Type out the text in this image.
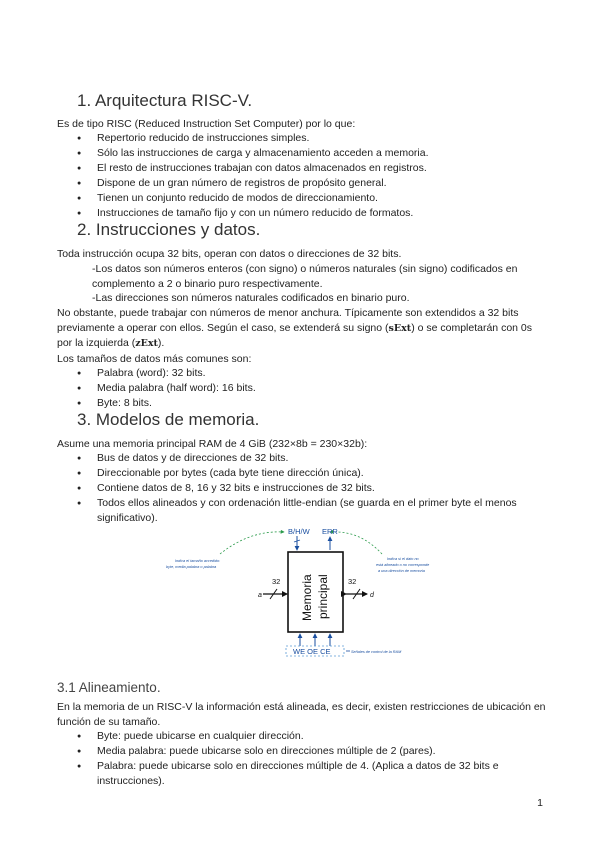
1. Arquitectura RISC-V.

Es de tipo RISC (Reduced Instruction Set Computer) por lo que:

● Repertorio reducido de instrucciones simples.
● Sólo las instrucciones de carga y almacenamiento acceden a memoria.
● El resto de instrucciones trabajan con datos almacenados en registros.
● Dispone de un gran número de registros de propósito general.
● Tienen un conjunto reducido de modos de direccionamiento.
● Instrucciones de tamaño fijo y con un número reducido de formatos.
2. Instrucciones y datos.

Toda instrucción ocupa 32 bits, operan con datos o direcciones de 32 bits.

-Los datos son números enteros (con signo) o números naturales (sin signo) codificados en complemento a 2 o binario puro respectivamente.
-Las direcciones son números naturales codificados en binario puro.

No obstante, puede trabajar con números de menor anchura. Típicamente son extendidos a 32 bits previamente a operar con ellos. Según el caso, se extenderá su signo (sExt) o se completarán con 0s por la izquierda (zExt).

Los tamaños de datos más comunes son:

● Palabra (word): 32 bits.
● Media palabra (half word): 16 bits.
● Byte: 8 bits.
3. Modelos de memoria.

Asume una memoria principal RAM de 4 GiB (232×8b = 230×32b):

● Bus de datos y de direcciones de 32 bits.
● Direccionable por bytes (cada byte tiene dirección única).
● Contiene datos de 8, 16 y 32 bits e instrucciones de 32 bits.
● Todos ellos alineados y con ordenación little-endian (se guarda en el primer byte el menos significativo).
B/H/W ERR
Memoria principal
a
32	32
d
WE OE CE
Indica el tamaño accedido:
byte, media palabra o palabra
Indica si el dato no
está alineado o no corresponde
a una dirección de memoria
Señales de control de la RAM
3.1 Alineamiento.

En la memoria de un RISC-V la información está alineada, es decir, existen restricciones de ubicación en función de su tamaño.

● Byte: puede ubicarse en cualquier dirección.
● Media palabra: puede ubicarse solo en direcciones múltiple de 2 (pares).
● Palabra: puede ubicarse solo en direcciones múltiple de 4. (Aplica a datos de 32 bits e instrucciones).
1
